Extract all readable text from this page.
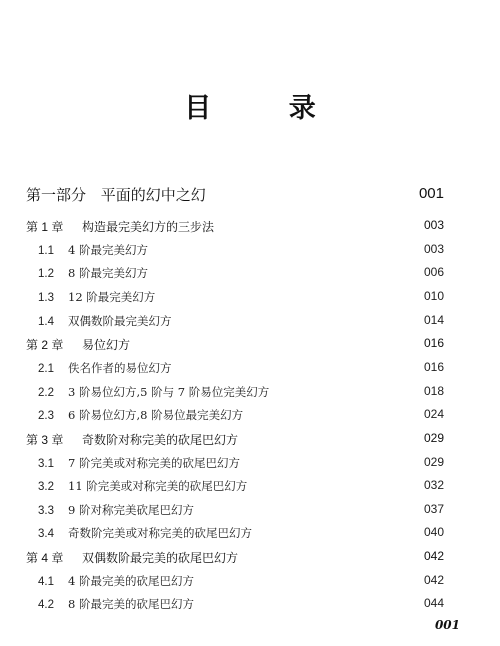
目 录
第一部分 平面的幻中之幻	001
第 1 章 构造最完美幻方的三步法	003
1.1 4 阶最完美幻方	003
1.2 8 阶最完美幻方	006
1.3 12 阶最完美幻方	010
1.4 双偶数阶最完美幻方	014
第 2 章 易位幻方	016
2.1 佚名作者的易位幻方	016
2.2 3 阶易位幻方,5 阶与 7 阶易位完美幻方	018
2.3 6 阶易位幻方,8 阶易位最完美幻方	024
第 3 章 奇数阶对称完美的砍尾巴幻方	029
3.1 7 阶完美或对称完美的砍尾巴幻方	029
3.2 11 阶完美或对称完美的砍尾巴幻方	032
3.3 9 阶对称完美砍尾巴幻方	037
3.4 奇数阶完美或对称完美的砍尾巴幻方	040
第 4 章 双偶数阶最完美的砍尾巴幻方	042
4.1 4 阶最完美的砍尾巴幻方	042
4.2 8 阶最完美的砍尾巴幻方	044
001
